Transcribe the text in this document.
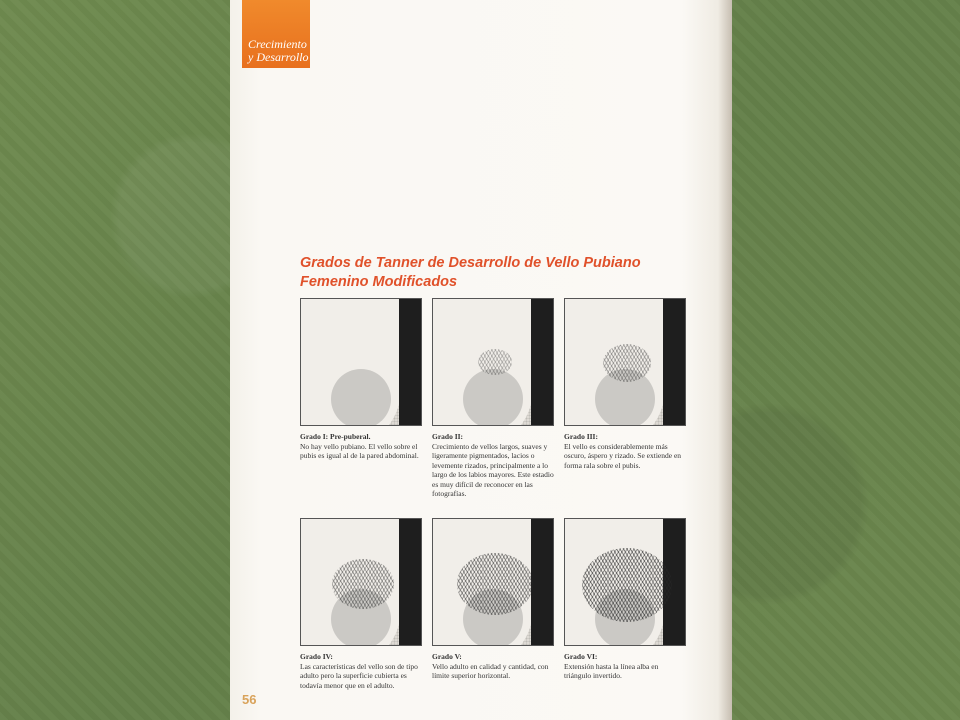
Crecimiento
y Desarrollo
Grados de Tanner de Desarrollo de Vello Pubiano
Femenino Modificados
Grado I: Pre-puberal.
No hay vello pubiano. El vello sobre el pubis es igual al de la pared abdominal.
Grado II:
Crecimiento de vellos largos, suaves y ligeramente pigmentados, lacios o levemente rizados, principalmente a lo largo de los labios mayores. Este estadio es muy difícil de reconocer en las fotografías.
Grado III:
El vello es considerablemente más oscuro, áspero y rizado. Se extiende en forma rala sobre el pubis.
Grado IV:
Las características del vello son de tipo adulto pero la superficie cubierta es todavía menor que en el adulto.
Grado V:
Vello adulto en calidad y cantidad, con límite superior horizontal.
Grado VI:
Extensión hasta la línea alba en triángulo invertido.
56
